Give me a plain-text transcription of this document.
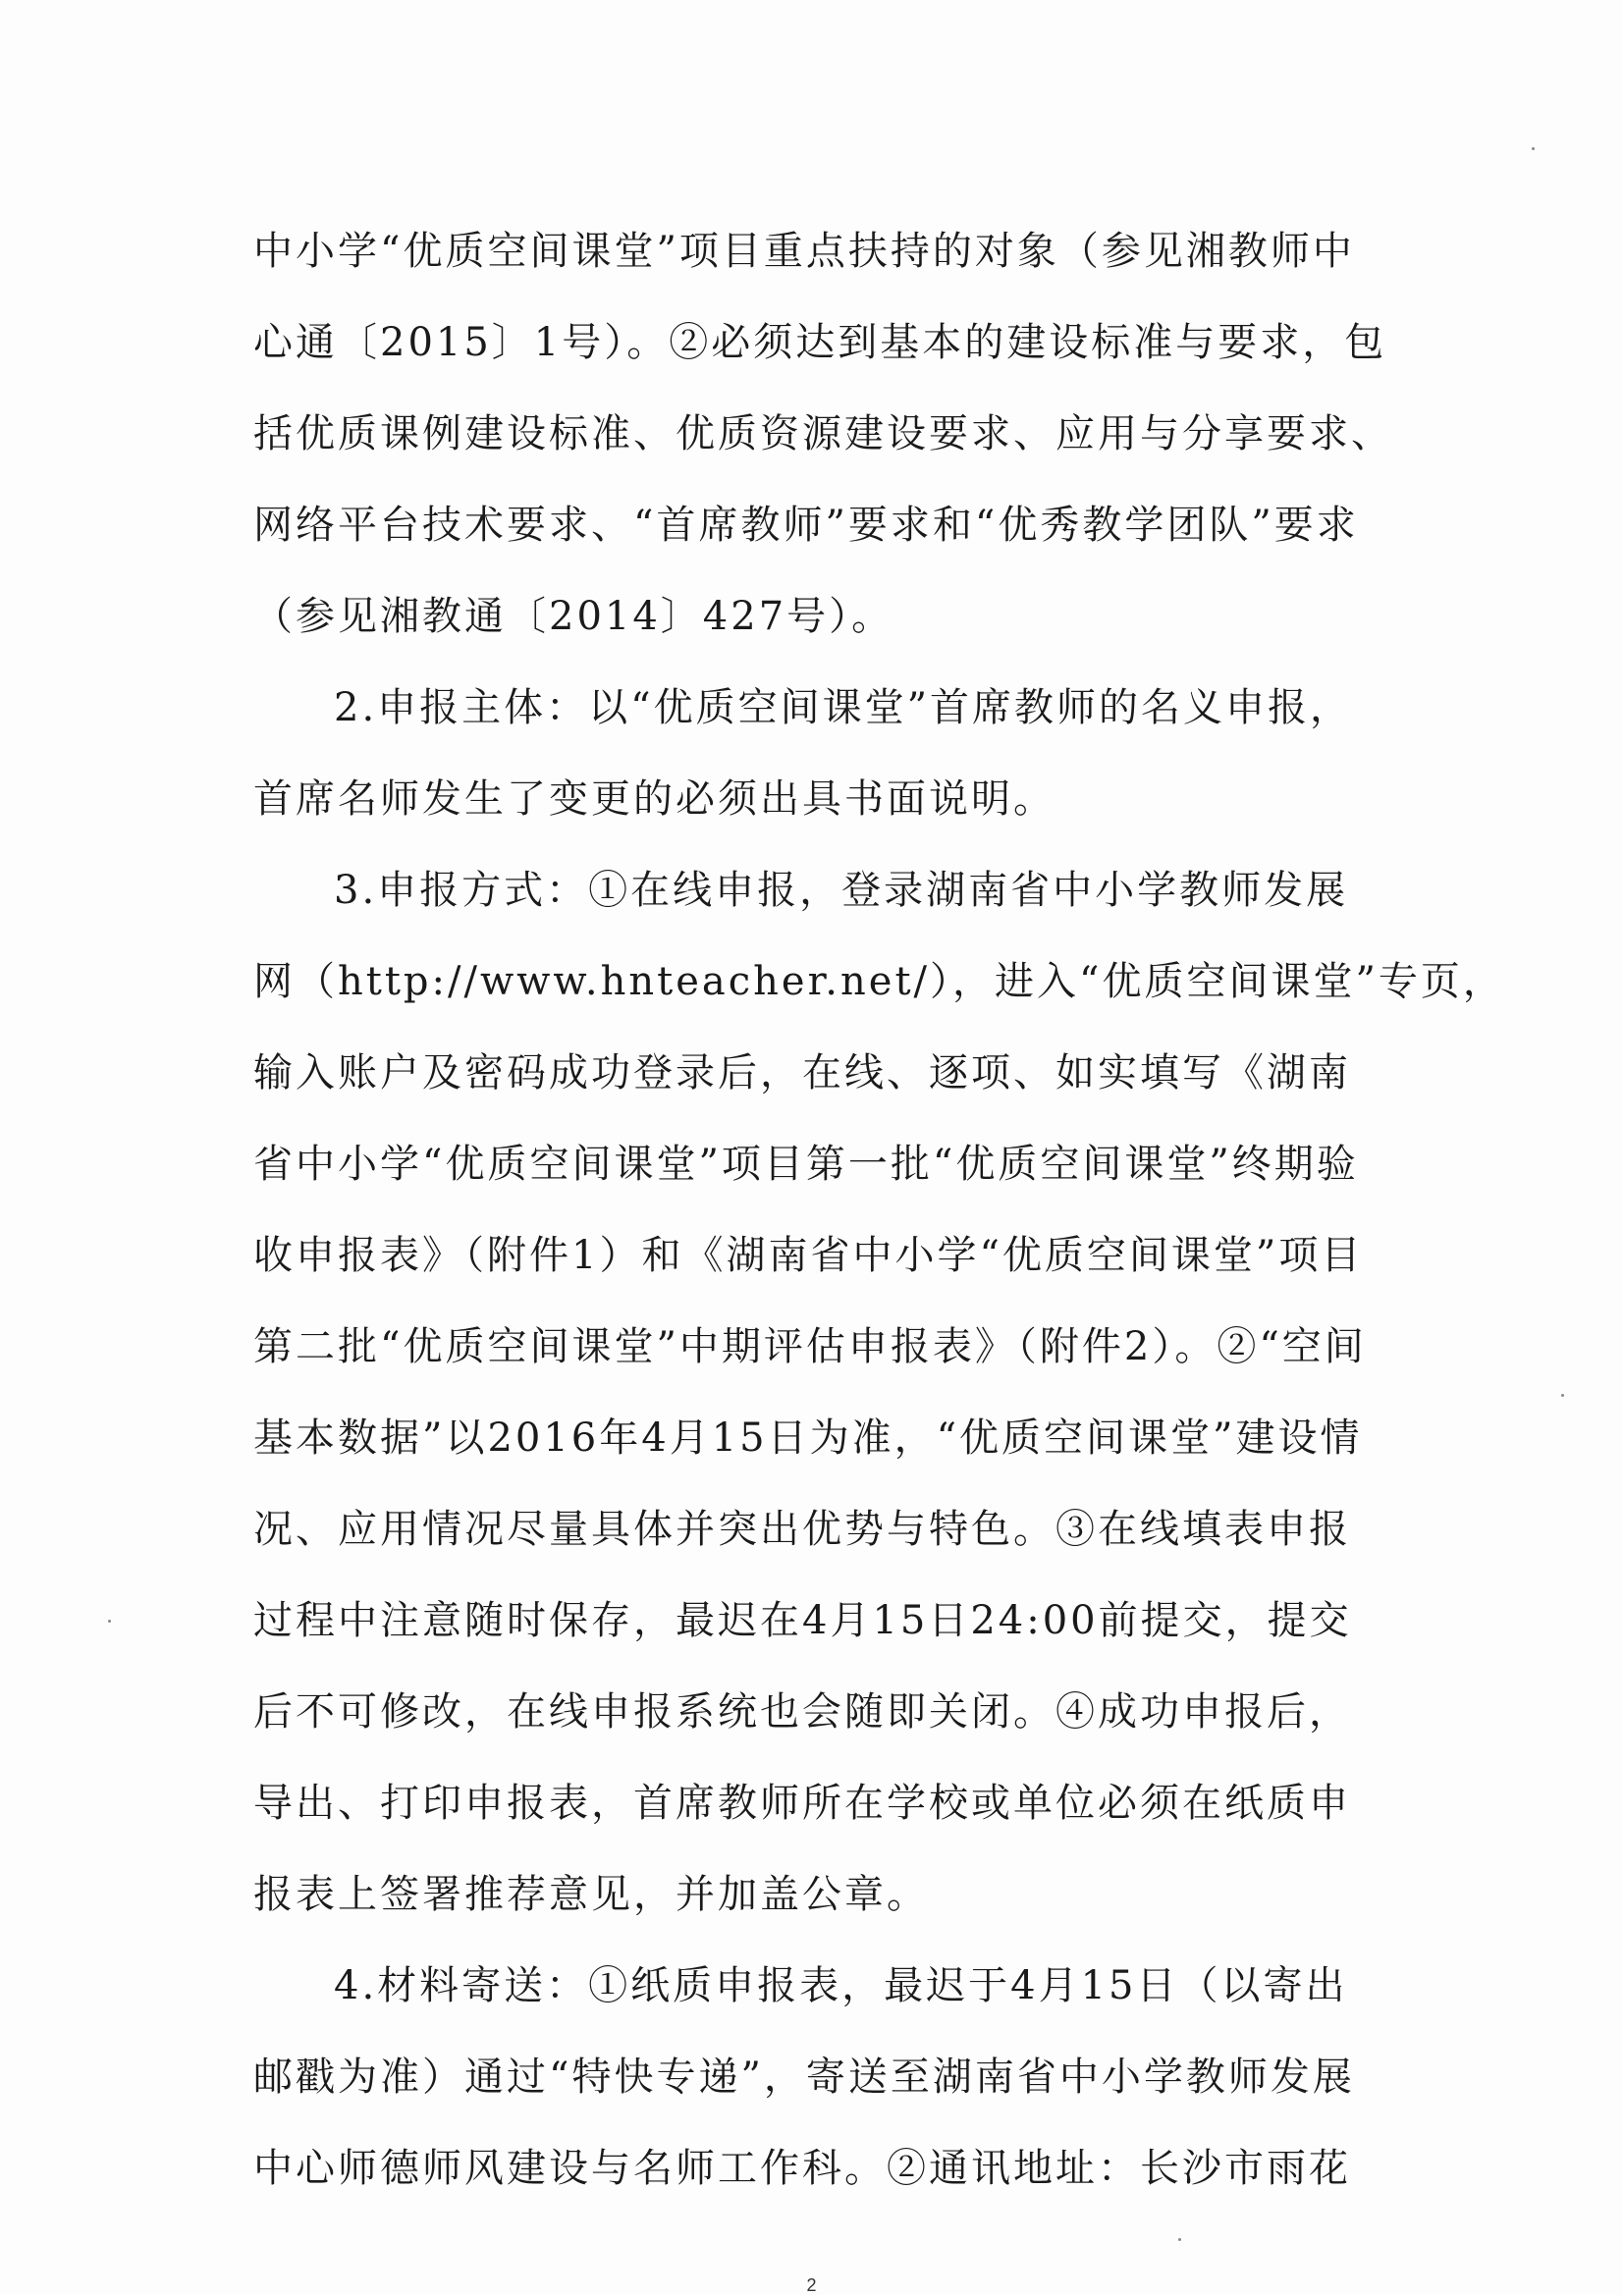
中小学“优质空间课堂”项目重点扶持的对象（参见湘教师中
心通〔2015〕1号）。②必须达到基本的建设标准与要求，包
括优质课例建设标准、优质资源建设要求、应用与分享要求、
网络平台技术要求、“首席教师”要求和“优秀教学团队”要求
（参见湘教通〔2014〕427号）。
2.申报主体：以“优质空间课堂”首席教师的名义申报，
首席名师发生了变更的必须出具书面说明。
3.申报方式：①在线申报，登录湖南省中小学教师发展
网（http://www.hnteacher.net/），进入“优质空间课堂”专页，
输入账户及密码成功登录后，在线、逐项、如实填写《湖南
省中小学“优质空间课堂”项目第一批“优质空间课堂”终期验
收申报表》（附件1）和《湖南省中小学“优质空间课堂”项目
第二批“优质空间课堂”中期评估申报表》（附件2）。②“空间
基本数据”以2016年4月15日为准，“优质空间课堂”建设情
况、应用情况尽量具体并突出优势与特色。③在线填表申报
过程中注意随时保存，最迟在4月15日24:00前提交，提交
后不可修改，在线申报系统也会随即关闭。④成功申报后，
导出、打印申报表，首席教师所在学校或单位必须在纸质申
报表上签署推荐意见，并加盖公章。
4.材料寄送：①纸质申报表，最迟于4月15日（以寄出
邮戳为准）通过“特快专递”，寄送至湖南省中小学教师发展
中心师德师风建设与名师工作科。②通讯地址：长沙市雨花
2
